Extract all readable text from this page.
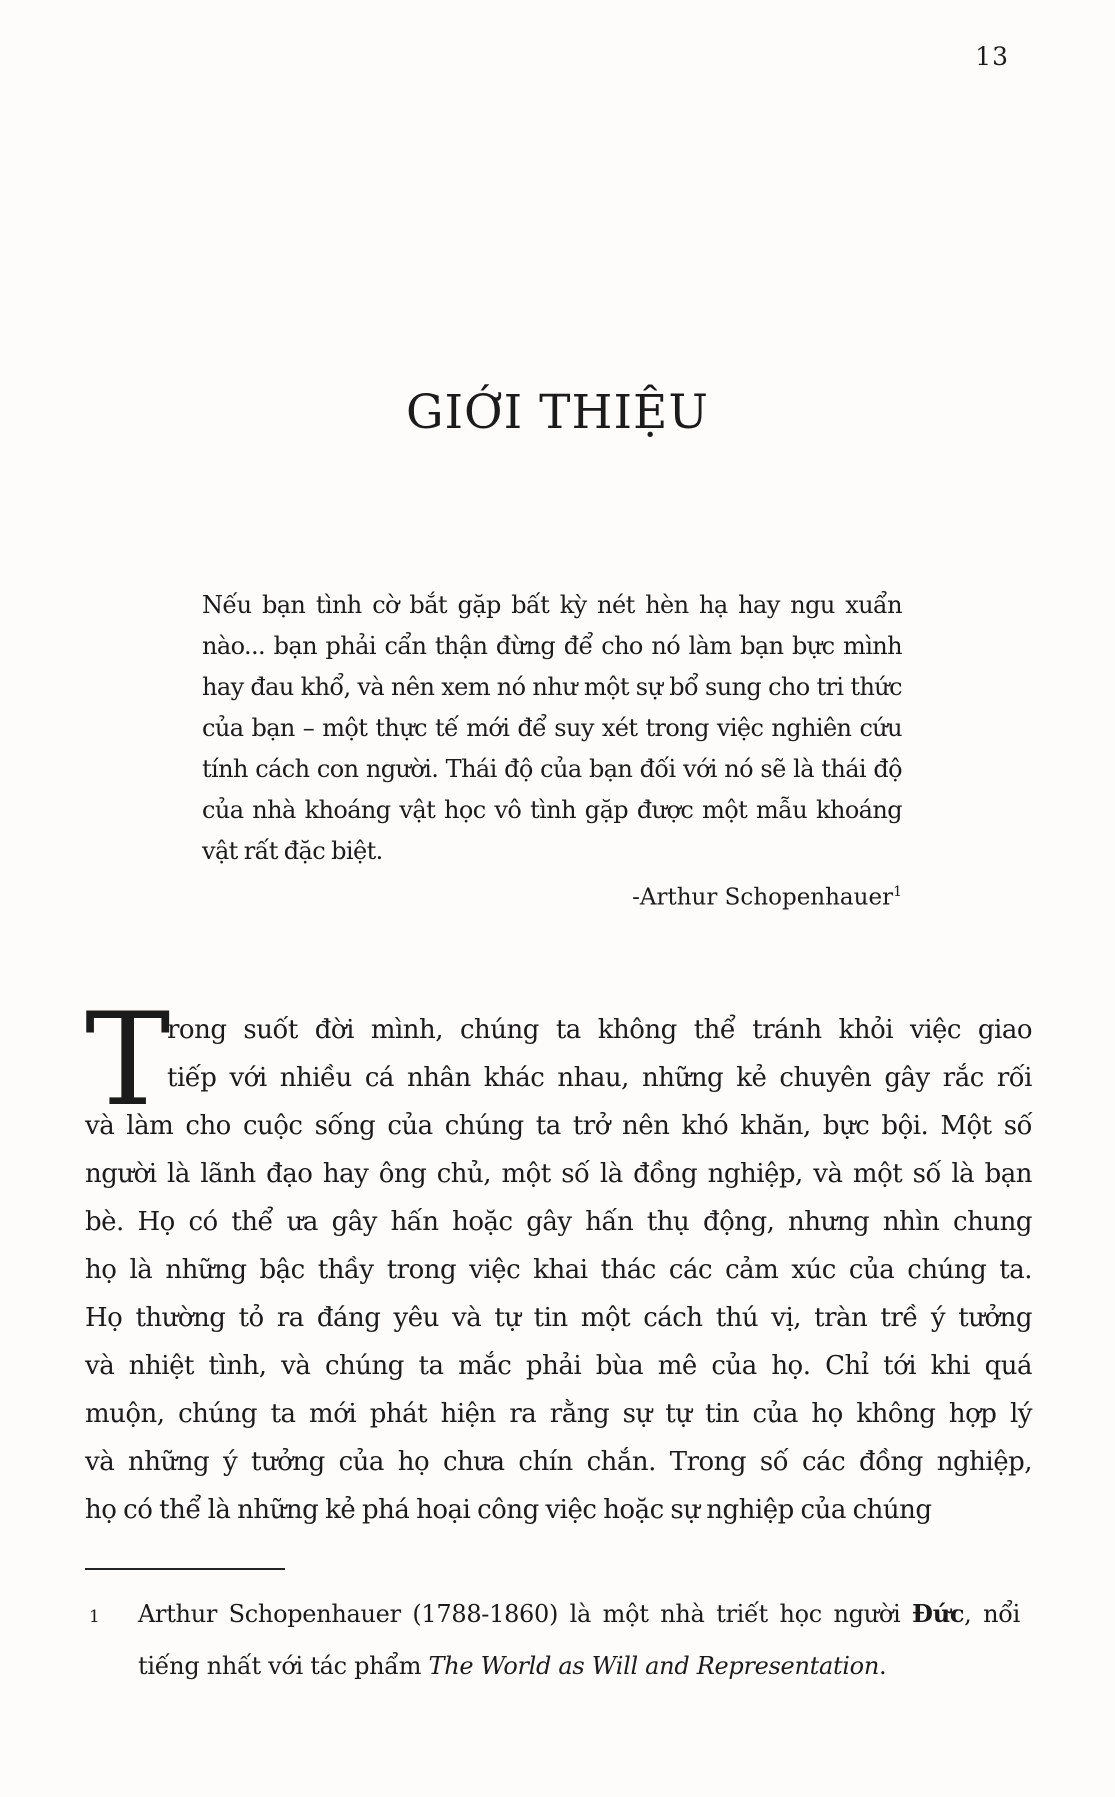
13
GIỚI THIỆU
Nếu bạn tình cờ bắt gặp bất kỳ nét hèn hạ hay ngu xuẩn
nào... bạn phải cẩn thận đừng để cho nó làm bạn bực mình
hay đau khổ, và nên xem nó như một sự bổ sung cho tri thức
của bạn – một thực tế mới để suy xét trong việc nghiên cứu
tính cách con người. Thái độ của bạn đối với nó sẽ là thái độ
của nhà khoáng vật học vô tình gặp được một mẫu khoáng
vật rất đặc biệt.
-Arthur Schopenhauer$^1$
T
rong suốt đời mình, chúng ta không thể tránh khỏi việc giao
tiếp với nhiều cá nhân khác nhau, những kẻ chuyên gây rắc rối
và làm cho cuộc sống của chúng ta trở nên khó khăn, bực bội. Một số
người là lãnh đạo hay ông chủ, một số là đồng nghiệp, và một số là bạn
bè. Họ có thể ưa gây hấn hoặc gây hấn thụ động, nhưng nhìn chung
họ là những bậc thầy trong việc khai thác các cảm xúc của chúng ta.
Họ thường tỏ ra đáng yêu và tự tin một cách thú vị, tràn trề ý tưởng
và nhiệt tình, và chúng ta mắc phải bùa mê của họ. Chỉ tới khi quá
muộn, chúng ta mới phát hiện ra rằng sự tự tin của họ không hợp lý
và những ý tưởng của họ chưa chín chắn. Trong số các đồng nghiệp,
họ có thể là những kẻ phá hoại công việc hoặc sự nghiệp của chúng
1 Arthur Schopenhauer (1788-1860) là một nhà triết học người Đức, nổi tiếng nhất với tác phẩm The World as Will and Representation.
